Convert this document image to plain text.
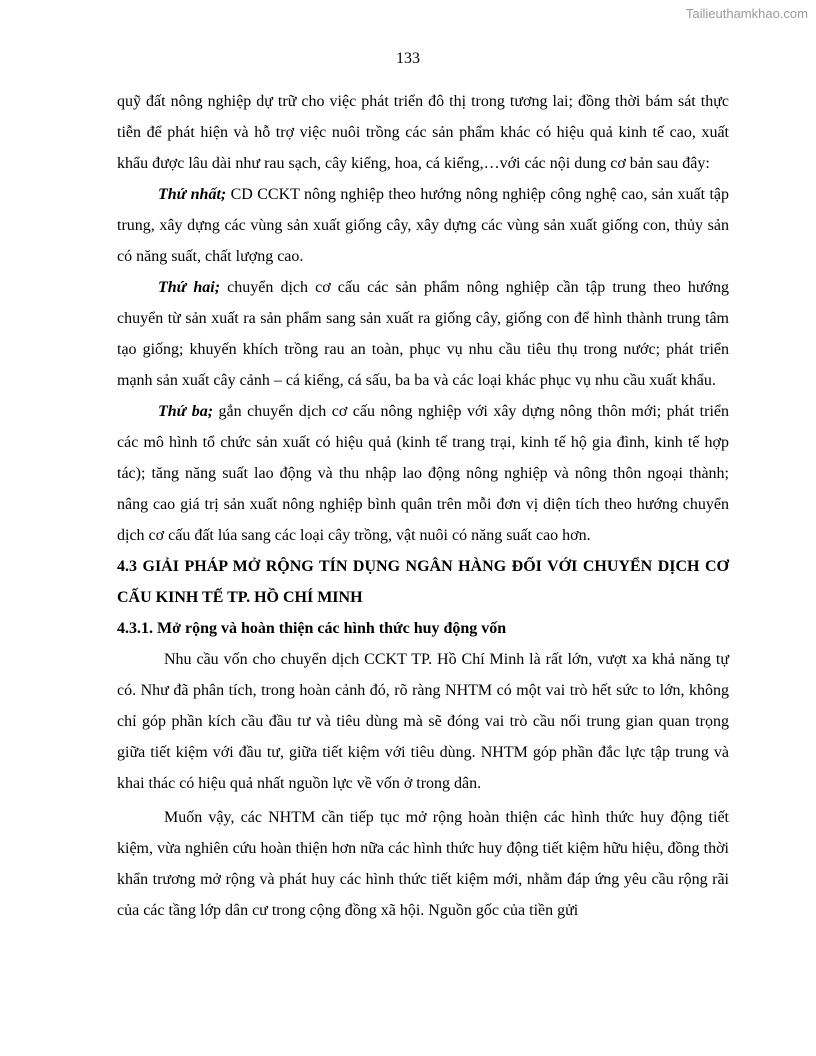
Tailieuthamkhao.com
133

quỹ đất nông nghiệp dự trữ cho việc phát triển đô thị trong tương lai; đồng thời bám sát thực tiễn để phát hiện và hỗ trợ việc nuôi trồng các sản phẩm khác có hiệu quả kinh tế cao, xuất khẩu được lâu dài như rau sạch, cây kiểng, hoa, cá kiểng,…với các nội dung cơ bản sau đây:

Thứ nhất; CD CCKT nông nghiệp theo hướng nông nghiệp công nghệ cao, sản xuất tập trung, xây dựng các vùng sản xuất giống cây, xây dựng các vùng sản xuất giống con, thủy sản có năng suất, chất lượng cao.

Thứ hai; chuyển dịch cơ cấu các sản phẩm nông nghiệp cần tập trung theo hướng chuyển từ sản xuất ra sản phẩm sang sản xuất ra giống cây, giống con để hình thành trung tâm tạo giống; khuyến khích trồng rau an toàn, phục vụ nhu cầu tiêu thụ trong nước; phát triển mạnh sản xuất cây cảnh – cá kiểng, cá sấu, ba ba và các loại khác phục vụ nhu cầu xuất khẩu.

Thứ ba; gắn chuyển dịch cơ cấu nông nghiệp với xây dựng nông thôn mới; phát triển các mô hình tổ chức sản xuất có hiệu quả (kinh tế trang trại, kinh tế hộ gia đình, kinh tế hợp tác); tăng năng suất lao động và thu nhập lao động nông nghiệp và nông thôn ngoại thành; nâng cao giá trị sản xuất nông nghiệp bình quân trên mỗi đơn vị diện tích theo hướng chuyển dịch cơ cấu đất lúa sang các loại cây trồng, vật nuôi có năng suất cao hơn.

4.3 GIẢI PHÁP MỞ RỘNG TÍN DỤNG NGÂN HÀNG ĐỐI VỚI CHUYỂN DỊCH CƠ CẤU KINH TẾ TP. HỒ CHÍ MINH

4.3.1. Mở rộng và hoàn thiện các hình thức huy động vốn

Nhu cầu vốn cho chuyển dịch CCKT TP. Hồ Chí Minh là rất lớn, vượt xa khả năng tự có. Như đã phân tích, trong hoàn cảnh đó, rõ ràng NHTM có một vai trò hết sức to lớn, không chỉ góp phần kích cầu đầu tư và tiêu dùng mà sẽ đóng vai trò cầu nối trung gian quan trọng giữa tiết kiệm với đầu tư, giữa tiết kiệm với tiêu dùng. NHTM góp phần đắc lực tập trung và khai thác có hiệu quả nhất nguồn lực về vốn ở trong dân.

Muốn vậy, các NHTM cần tiếp tục mở rộng hoàn thiện các hình thức huy động tiết kiệm, vừa nghiên cứu hoàn thiện hơn nữa các hình thức huy động tiết kiệm hữu hiệu, đồng thời khẩn trương mở rộng và phát huy các hình thức tiết kiệm mới, nhằm đáp ứng yêu cầu rộng rãi của các tầng lớp dân cư trong cộng đồng xã hội. Nguồn gốc của tiền gửi
